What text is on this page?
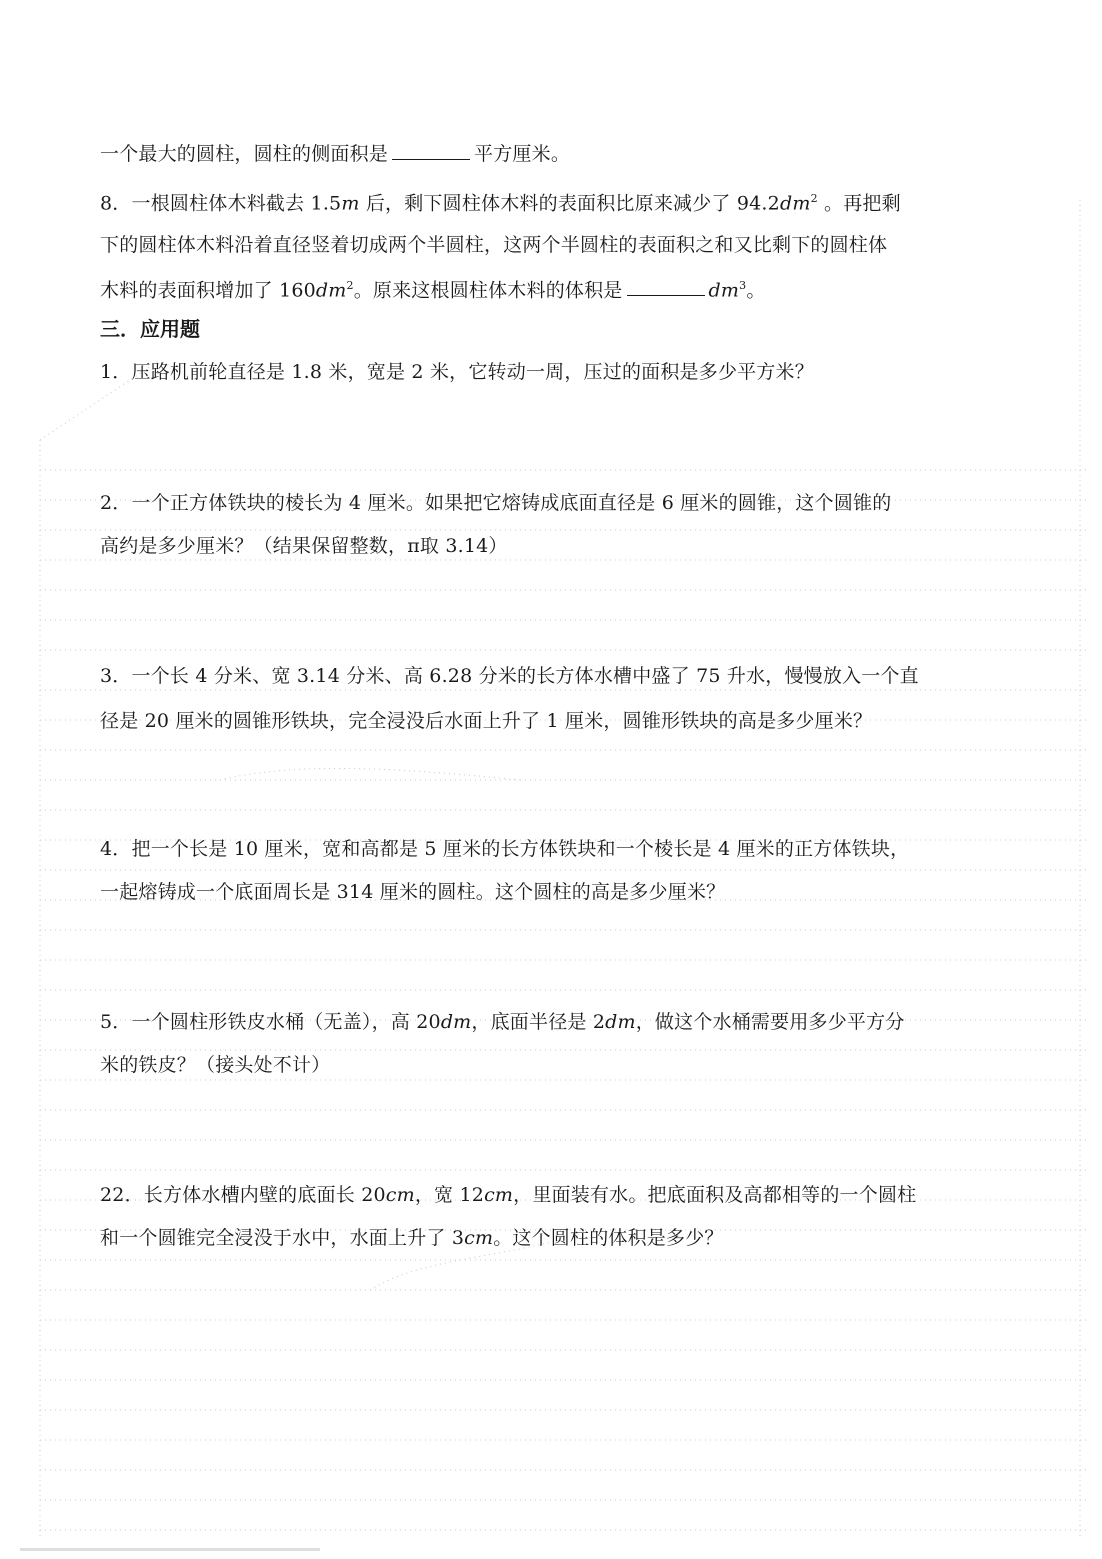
一个最大的圆柱，圆柱的侧面积是	平方厘米。
8．一根圆柱体木料截去 1.5m 后，剩下圆柱体木料的表面积比原来减少了 $94.2dm^2$ 。再把剩
下的圆柱体木料沿着直径竖着切成两个半圆柱，这两个半圆柱的表面积之和又比剩下的圆柱体
木料的表面积增加了 $160dm^2$。原来这根圆柱体木料的体积是	$dm^3$。
三．应用题
1．压路机前轮直径是 1.8 米，宽是 2 米，它转动一周，压过的面积是多少平方米？
2．一个正方体铁块的棱长为 4 厘米。如果把它熔铸成底面直径是 6 厘米的圆锥，这个圆锥的
高约是多少厘米？（结果保留整数，π取 3.14）
3．一个长 4 分米、宽 3.14 分米、高 6.28 分米的长方体水槽中盛了 75 升水，慢慢放入一个直
径是 20 厘米的圆锥形铁块，完全浸没后水面上升了 1 厘米，圆锥形铁块的高是多少厘米？
4．把一个长是 10 厘米，宽和高都是 5 厘米的长方体铁块和一个棱长是 4 厘米的正方体铁块，
一起熔铸成一个底面周长是 314 厘米的圆柱。这个圆柱的高是多少厘米？
5．一个圆柱形铁皮水桶（无盖），高 20dm，底面半径是 2dm，做这个水桶需要用多少平方分
米的铁皮？（接头处不计）
22．长方体水槽内壁的底面长 20cm，宽 12cm，里面装有水。把底面积及高都相等的一个圆柱
和一个圆锥完全浸没于水中，水面上升了 3cm。这个圆柱的体积是多少？
